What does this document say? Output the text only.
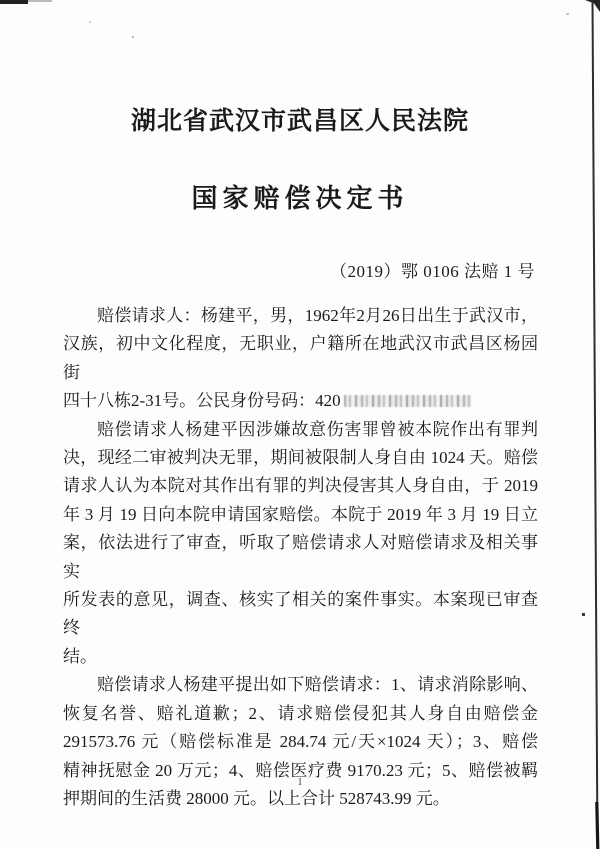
湖北省武汉市武昌区人民法院
国家赔偿决定书
（2019）鄂 0106 法赔 1 号
赔偿请求人：杨建平，男，1962年2月26日出生于武汉市，
汉族，初中文化程度，无职业，户籍所在地武汉市武昌区杨园街
四十八栋2-31号。公民身份号码：420
赔偿请求人杨建平因涉嫌故意伤害罪曾被本院作出有罪判
决，现经二审被判决无罪，期间被限制人身自由 1024 天。赔偿
请求人认为本院对其作出有罪的判决侵害其人身自由，于 2019
年 3 月 19 日向本院申请国家赔偿。本院于 2019 年 3 月 19 日立
案，依法进行了审查，听取了赔偿请求人对赔偿请求及相关事实
所发表的意见，调查、核实了相关的案件事实。本案现已审查终
结。
赔偿请求人杨建平提出如下赔偿请求：1、请求消除影响、
恢复名誉、赔礼道歉；2、请求赔偿侵犯其人身自由赔偿金
291573.76 元（赔偿标准是 284.74 元/天×1024 天）；3、赔偿
精神抚慰金 20 万元；4、赔偿医疗费 9170.23 元；5、赔偿被羁
押期间的生活费 28000 元。以上合计 528743.99 元。
1
